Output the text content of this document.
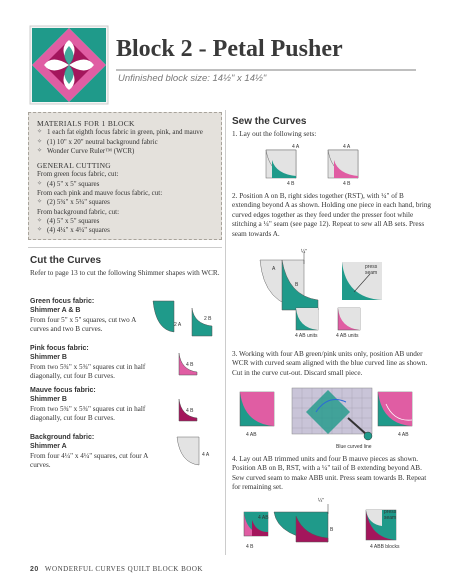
Block 2 - Petal Pusher
Unfinished block size: 14½" x 14½"
MATERIALS FOR 1 BLOCK
✧ 1 each fat eighth focus fabric in green, pink, and mauve
✧ (1) 10" x 20" neutral background fabric
✧ Wonder Curve Ruler™ (WCR)
GENERAL CUTTING
From green focus fabric, cut:
✧ (4) 5" x 5" squares
From each pink and mauve focus fabric, cut:
✧ (2) 5¾" x 5¾" squares
From background fabric, cut:
✧ (4) 5" x 5" squares
✧ (4) 4¼" x 4¼" squares
Cut the Curves
Refer to page 13 to cut the following Shimmer shapes with WCR.
Green focus fabric:
Shimmer A & B
From four 5" x 5" squares, cut two A curves and two B curves.
2 A
2 B
Pink focus fabric:
Shimmer B
From two 5¾" x 5¾" squares cut in half diagonally, cut four B curves.
4 B
Mauve focus fabric:
Shimmer B
From two 5¾" x 5¾" squares cut in half diagonally, cut four B curves.
4 B
Background fabric:
Shimmer A
From four 4¼" x 4¼" squares, cut four A curves.
4 A
Sew the Curves
1. Lay out the following sets:
4 A
4 B
4 A
4 B
2. Position A on B, right sides together (RST), with ¼" of B extending beyond A as shown. Holding one piece in each hand, bring curved edges together as they feed under the presser foot while stitching a ¼" seam (see page 12). Repeat to sew all AB sets. Press seam towards A.
¼"
A
B
press seam
4 AB units	4 AB units
3. Working with four AB green/pink units only, position AB under WCR with curved seam aligned with the blue curved line as shown. Cut in the curve cut-out. Discard small piece.
4 AB	4 AB
Blue curved line
4. Lay out AB trimmed units and four B mauve pieces as shown. Position AB on B, RST, with a ¼" tail of B extending beyond AB. Sew curved seam to make ABB unit. Press seam towards B. Repeat for remaining set.
¼"
4 AB
4 B
B
press seam
4 ABB blocks
20 WONDERFUL CURVES QUILT BLOCK BOOK
